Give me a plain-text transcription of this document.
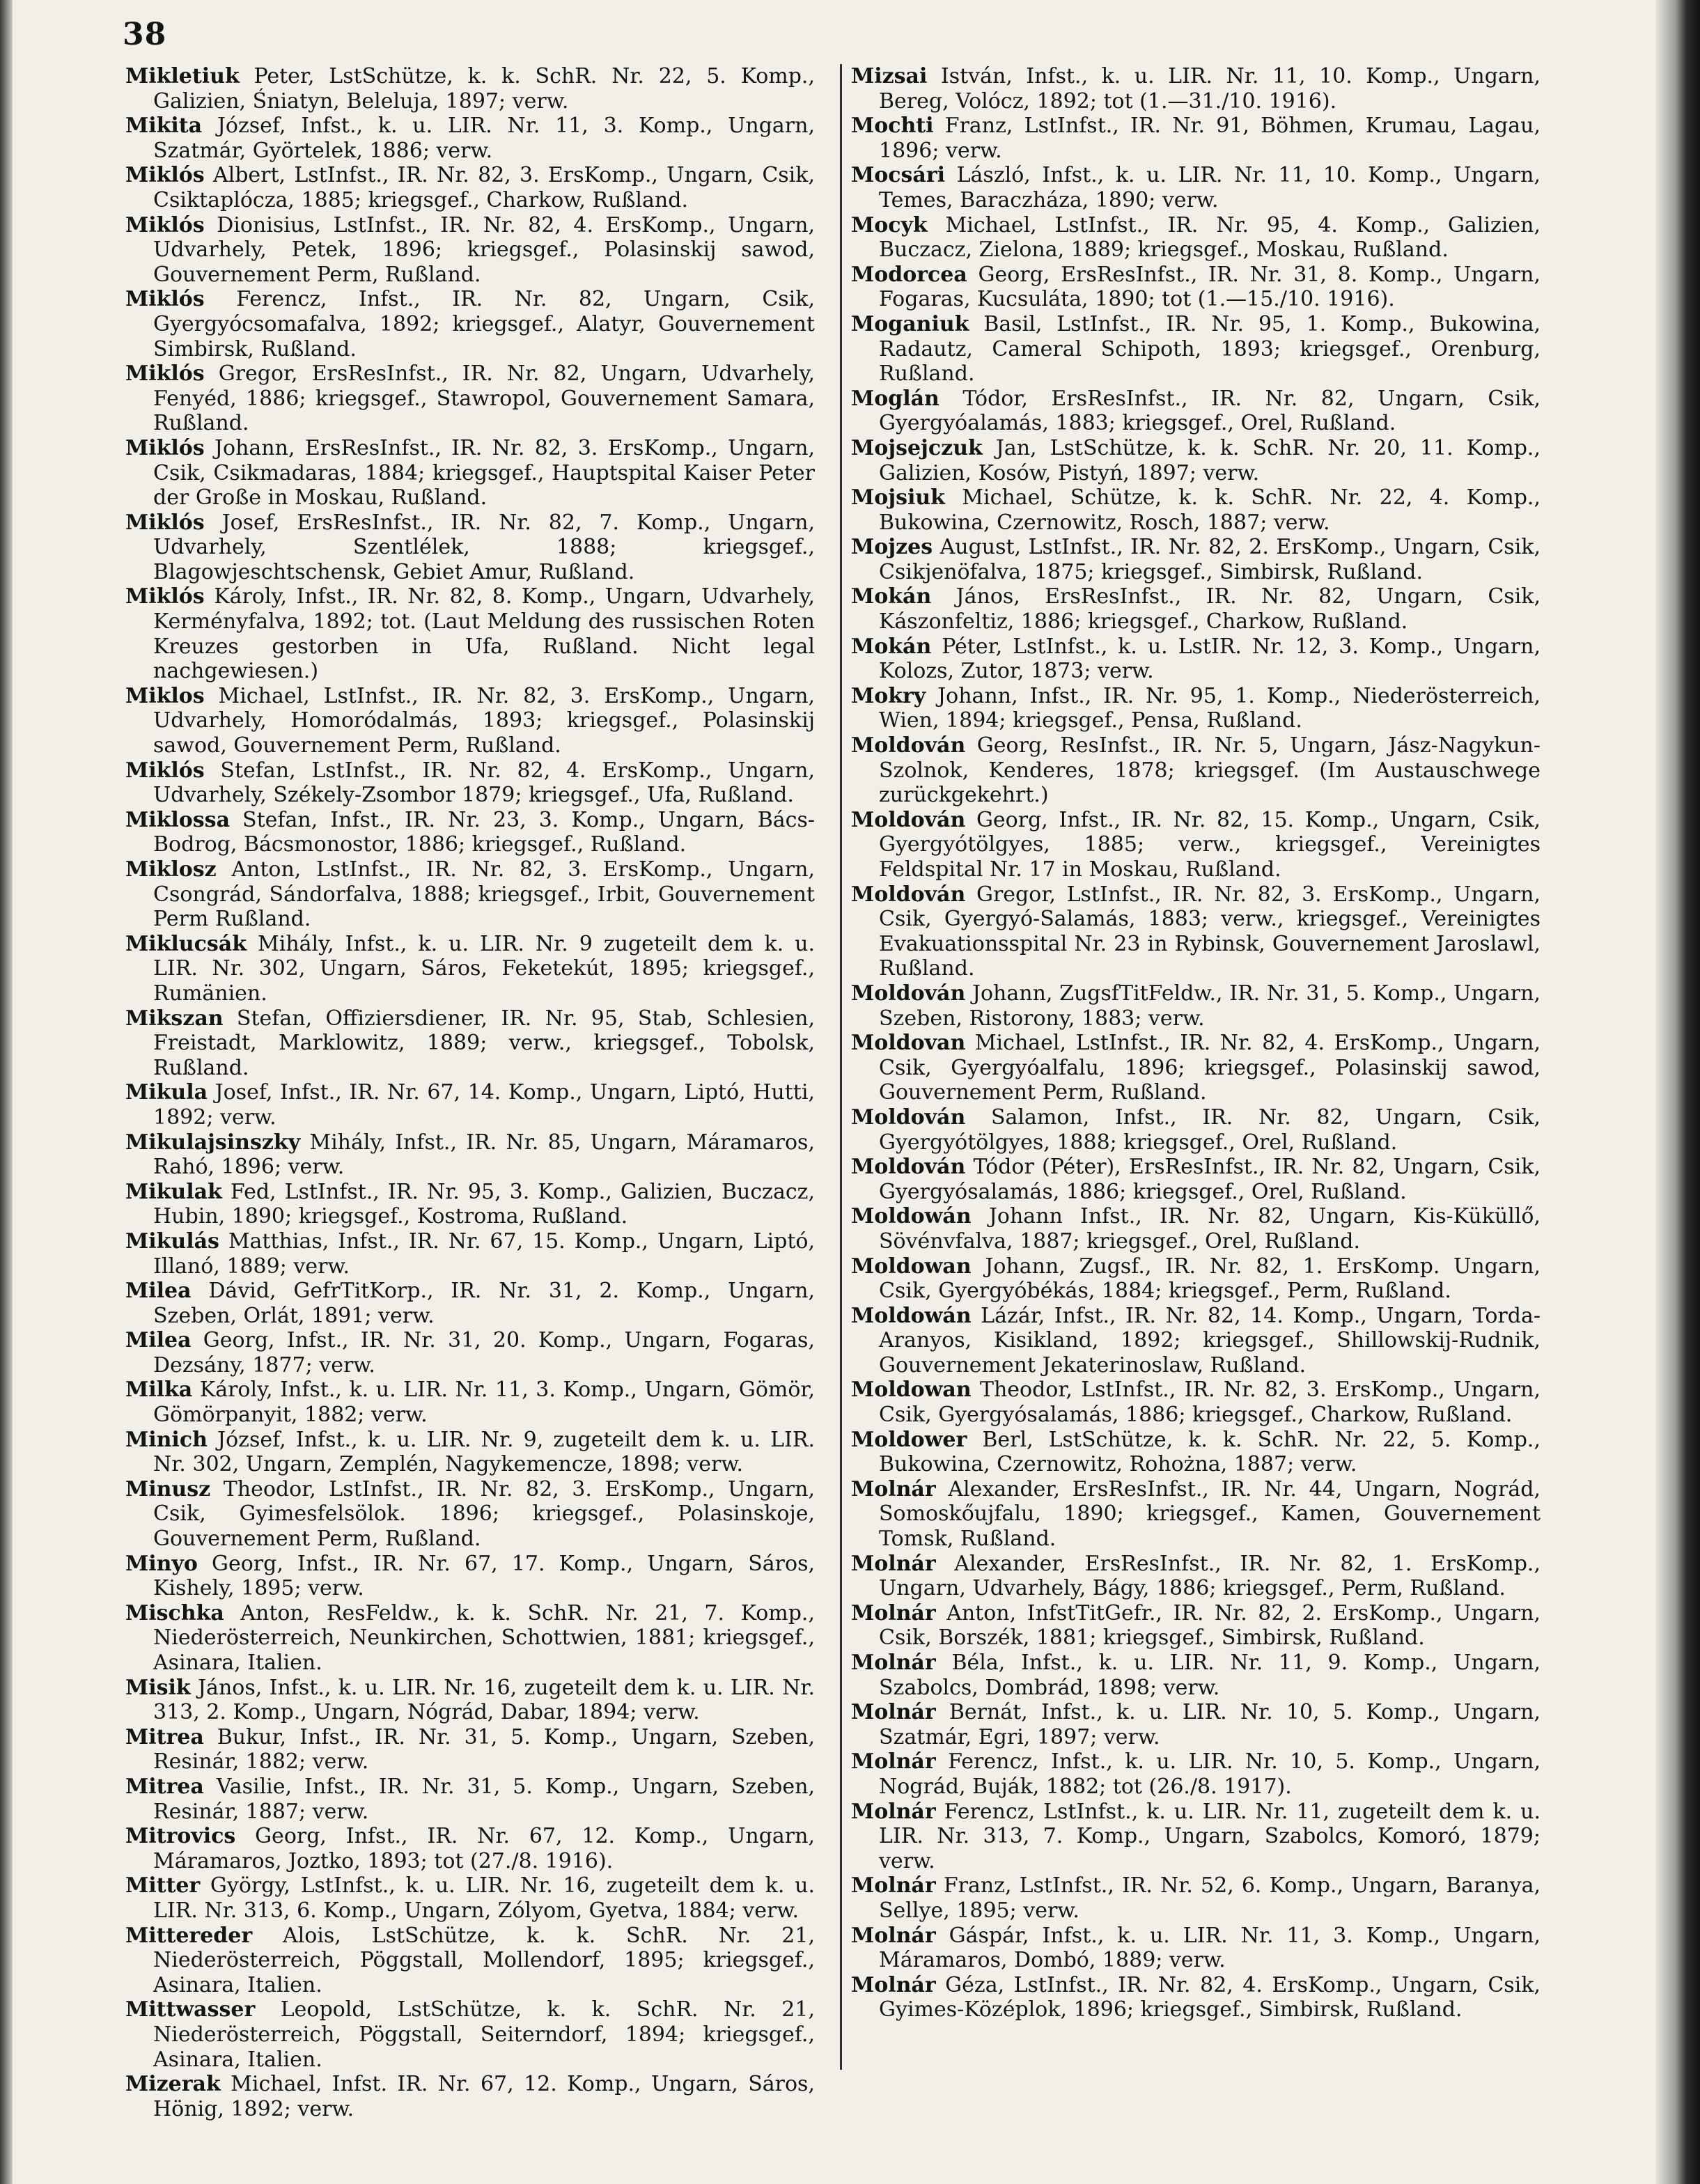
38

Mikletiuk Peter, LstSchütze, k. k. SchR. Nr. 22, 5. Komp., Galizien, Śniatyn, Belelujа, 1897; verw.

Mikita József, Infst., k. u. LIR. Nr. 11, 3. Komp., Ungarn, Szatmár, Györtelek, 1886; verw.

Miklós Albert, LstInfst., IR. Nr. 82, 3. ErsKomp., Ungarn, Csik, Csiktaplócza, 1885; kriegsgef., Charkow, Rußland.

Miklós Dionisius, LstInfst., IR. Nr. 82, 4. ErsKomp., Ungarn, Udvarhely, Petek, 1896; kriegsgef., Polasinskij sawod, Gouvernement Perm, Rußland.

Miklós Ferencz, Infst., IR. Nr. 82, Ungarn, Csik, Gyergyócsomafalva, 1892; kriegsgef., Alatyr, Gouvernement Simbirsk, Rußland.

Miklós Gregor, ErsResInfst., IR. Nr. 82, Ungarn, Udvarhely, Fenyéd, 1886; kriegsgef., Stawropol, Gouvernement Samara, Rußland.

Miklós Johann, ErsResInfst., IR. Nr. 82, 3. ErsKomp., Ungarn, Csik, Csikmadaras, 1884; kriegsgef., Hauptspital Kaiser Peter der Große in Moskau, Rußland.

Miklós Josef, ErsResInfst., IR. Nr. 82, 7. Komp., Ungarn, Udvarhely, Szentlélek, 1888; kriegsgef., Blagowjeschtschensk, Gebiet Amur, Rußland.

Miklós Károly, Infst., IR. Nr. 82, 8. Komp., Ungarn, Udvarhely, Kerményfalva, 1892; tot. (Laut Meldung des russischen Roten Kreuzes gestorben in Ufa, Rußland. Nicht legal nachgewiesen.)

Miklos Michael, LstInfst., IR. Nr. 82, 3. ErsKomp., Ungarn, Udvarhely, Homoródalmás, 1893; kriegsgef., Polasinskij sawod, Gouvernement Perm, Rußland.

Miklós Stefan, LstInfst., IR. Nr. 82, 4. ErsKomp., Ungarn, Udvarhely, Székely-Zsombor 1879; kriegsgef., Ufa, Rußland.

Miklossa Stefan, Infst., IR. Nr. 23, 3. Komp., Ungarn, Bács-Bodrog, Bácsmonostor, 1886; kriegsgef., Rußland.

Miklosz Anton, LstInfst., IR. Nr. 82, 3. ErsKomp., Ungarn, Csongrád, Sándorfalva, 1888; kriegsgef., Irbit, Gouvernement Perm Rußland.

Miklucsák Mihály, Infst., k. u. LIR. Nr. 9 zugeteilt dem k. u. LIR. Nr. 302, Ungarn, Sáros, Feketekút, 1895; kriegsgef., Rumänien.

Mikszan Stefan, Offiziersdiener, IR. Nr. 95, Stab, Schlesien, Freistadt, Marklowitz, 1889; verw., kriegsgef., Tobolsk, Rußland.

Mikula Josef, Infst., IR. Nr. 67, 14. Komp., Ungarn, Liptó, Hutti, 1892; verw.

Mikulajsinszky Mihály, Infst., IR. Nr. 85, Ungarn, Máramaros, Rahó, 1896; verw.

Mikulak Fed, LstInfst., IR. Nr. 95, 3. Komp., Galizien, Buczacz, Hubin, 1890; kriegsgef., Kostroma, Rußland.

Mikulás Matthias, Infst., IR. Nr. 67, 15. Komp., Ungarn, Liptó, Illanó, 1889; verw.

Milea Dávid, GefrTitKorp., IR. Nr. 31, 2. Komp., Ungarn, Szeben, Orlát, 1891; verw.

Milea Georg, Infst., IR. Nr. 31, 20. Komp., Ungarn, Fogaras, Dezsány, 1877; verw.

Milka Károly, Infst., k. u. LIR. Nr. 11, 3. Komp., Ungarn, Gömör, Gömörpanyit, 1882; verw.

Minich József, Infst., k. u. LIR. Nr. 9, zugeteilt dem k. u. LIR. Nr. 302, Ungarn, Zemplén, Nagykemencze, 1898; verw.

Minusz Theodor, LstInfst., IR. Nr. 82, 3. ErsKomp., Ungarn, Csik, Gyimesfelsölok. 1896; kriegsgef., Polasinskoje, Gouvernement Perm, Rußland.

Minyo Georg, Infst., IR. Nr. 67, 17. Komp., Ungarn, Sáros, Kishely, 1895; verw.

Mischka Anton, ResFeldw., k. k. SchR. Nr. 21, 7. Komp., Niederösterreich, Neunkirchen, Schottwien, 1881; kriegsgef., Asinara, Italien.

Misik János, Infst., k. u. LIR. Nr. 16, zugeteilt dem k. u. LIR. Nr. 313, 2. Komp., Ungarn, Nógrád, Dabar, 1894; verw.

Mitrea Bukur, Infst., IR. Nr. 31, 5. Komp., Ungarn, Szeben, Resinár, 1882; verw.

Mitrea Vasilie, Infst., IR. Nr. 31, 5. Komp., Ungarn, Szeben, Resinár, 1887; verw.

Mitrovics Georg, Infst., IR. Nr. 67, 12. Komp., Ungarn, Máramaros, Joztko, 1893; tot (27./8. 1916).

Mitter György, LstInfst., k. u. LIR. Nr. 16, zugeteilt dem k. u. LIR. Nr. 313, 6. Komp., Ungarn, Zólyom, Gyetva, 1884; verw.

Mittereder Alois, LstSchütze, k. k. SchR. Nr. 21, Niederösterreich, Pöggstall, Mollendorf, 1895; kriegsgef., Asinara, Italien.

Mittwasser Leopold, LstSchütze, k. k. SchR. Nr. 21, Niederösterreich, Pöggstall, Seiterndorf, 1894; kriegsgef., Asinara, Italien.

Mizerak Michael, Infst. IR. Nr. 67, 12. Komp., Ungarn, Sáros, Hönig, 1892; verw.

Mizsai István, Infst., k. u. LIR. Nr. 11, 10. Komp., Ungarn, Bereg, Volócz, 1892; tot (1.—31./10. 1916).

Mochti Franz, LstInfst., IR. Nr. 91, Böhmen, Krumau, Lagau, 1896; verw.

Mocsári László, Infst., k. u. LIR. Nr. 11, 10. Komp., Ungarn, Temes, Baraczháza, 1890; verw.

Mocyk Michael, LstInfst., IR. Nr. 95, 4. Komp., Galizien, Buczacz, Zielona, 1889; kriegsgef., Moskau, Rußland.

Modorcea Georg, ErsResInfst., IR. Nr. 31, 8. Komp., Ungarn, Fogaras, Kucsuláta, 1890; tot (1.—15./10. 1916).

Moganiuk Basil, LstInfst., IR. Nr. 95, 1. Komp., Bukowina, Radautz, Cameral Schipoth, 1893; kriegsgef., Orenburg, Rußland.

Moglán Tódor, ErsResInfst., IR. Nr. 82, Ungarn, Csik, Gyergyóalamás, 1883; kriegsgef., Orel, Rußland.

Mojsejczuk Jan, LstSchütze, k. k. SchR. Nr. 20, 11. Komp., Galizien, Kosów, Pistyń, 1897; verw.

Mojsiuk Michael, Schütze, k. k. SchR. Nr. 22, 4. Komp., Bukowina, Czernowitz, Rosch, 1887; verw.

Mojzes August, LstInfst., IR. Nr. 82, 2. ErsKomp., Ungarn, Csik, Csikjenöfalva, 1875; kriegsgef., Simbirsk, Rußland.

Mokán János, ErsResInfst., IR. Nr. 82, Ungarn, Csik, Kászonfeltiz, 1886; kriegsgef., Charkow, Rußland.

Mokán Péter, LstInfst., k. u. LstIR. Nr. 12, 3. Komp., Ungarn, Kolozs, Zutor, 1873; verw.

Mokry Johann, Infst., IR. Nr. 95, 1. Komp., Niederösterreich, Wien, 1894; kriegsgef., Pensa, Rußland.

Moldován Georg, ResInfst., IR. Nr. 5, Ungarn, Jász-Nagykun-Szolnok, Kenderes, 1878; kriegsgef. (Im Austauschwege zurückgekehrt.)

Moldován Georg, Infst., IR. Nr. 82, 15. Komp., Ungarn, Csik, Gyergyótölgyes, 1885; verw., kriegsgef., Vereinigtes Feldspital Nr. 17 in Moskau, Rußland.

Moldován Gregor, LstInfst., IR. Nr. 82, 3. ErsKomp., Ungarn, Csik, Gyergyó-Salamás, 1883; verw., kriegsgef., Vereinigtes Evakuationsspital Nr. 23 in Rybinsk, Gouvernement Jaroslawl, Rußland.

Moldován Johann, ZugsfTitFeldw., IR. Nr. 31, 5. Komp., Ungarn, Szeben, Ristorony, 1883; verw.

Moldovan Michael, LstInfst., IR. Nr. 82, 4. ErsKomp., Ungarn, Csik, Gyergyóalfalu, 1896; kriegsgef., Polasinskij sawod, Gouvernement Perm, Rußland.

Moldován Salamon, Infst., IR. Nr. 82, Ungarn, Csik, Gyergyótölgyes, 1888; kriegsgef., Orel, Rußland.

Moldován Tódor (Péter), ErsResInfst., IR. Nr. 82, Ungarn, Csik, Gyergyósalamás, 1886; kriegsgef., Orel, Rußland.

Moldowán Johann Infst., IR. Nr. 82, Ungarn, Kis-Küküllő, Sövénvfalva, 1887; kriegsgef., Orel, Rußland.

Moldowan Johann, Zugsf., IR. Nr. 82, 1. ErsKomp. Ungarn, Csik, Gyergyóbékás, 1884; kriegsgef., Perm, Rußland.

Moldowán Lázár, Infst., IR. Nr. 82, 14. Komp., Ungarn, Torda-Aranyos, Kisikland, 1892; kriegsgef., Shillowskij-Rudnik, Gouvernement Jekaterinoslaw, Rußland.

Moldowan Theodor, LstInfst., IR. Nr. 82, 3. ErsKomp., Ungarn, Csik, Gyergyósalamás, 1886; kriegsgef., Charkow, Rußland.

Moldower Berl, LstSchütze, k. k. SchR. Nr. 22, 5. Komp., Bukowina, Czernowitz, Rohożna, 1887; verw.

Molnár Alexander, ErsResInfst., IR. Nr. 44, Ungarn, Nográd, Somoskőujfalu, 1890; kriegsgef., Kamen, Gouvernement Tomsk, Rußland.

Molnár Alexander, ErsResInfst., IR. Nr. 82, 1. ErsKomp., Ungarn, Udvarhely, Bágy, 1886; kriegsgef., Perm, Rußland.

Molnár Anton, InfstTitGefr., IR. Nr. 82, 2. ErsKomp., Ungarn, Csik, Borszék, 1881; kriegsgef., Simbirsk, Rußland.

Molnár Béla, Infst., k. u. LIR. Nr. 11, 9. Komp., Ungarn, Szabolcs, Dombrád, 1898; verw.

Molnár Bernát, Infst., k. u. LIR. Nr. 10, 5. Komp., Ungarn, Szatmár, Egri, 1897; verw.

Molnár Ferencz, Infst., k. u. LIR. Nr. 10, 5. Komp., Ungarn, Nográd, Buják, 1882; tot (26./8. 1917).

Molnár Ferencz, LstInfst., k. u. LIR. Nr. 11, zugeteilt dem k. u. LIR. Nr. 313, 7. Komp., Ungarn, Szabolcs, Komoró, 1879; verw.

Molnár Franz, LstInfst., IR. Nr. 52, 6. Komp., Ungarn, Baranya, Sellye, 1895; verw.

Molnár Gáspár, Infst., k. u. LIR. Nr. 11, 3. Komp., Ungarn, Máramaros, Dombó, 1889; verw.

Molnár Géza, LstInfst., IR. Nr. 82, 4. ErsKomp., Ungarn, Csik, Gyimes-Középlok, 1896; kriegsgef., Simbirsk, Rußland.
